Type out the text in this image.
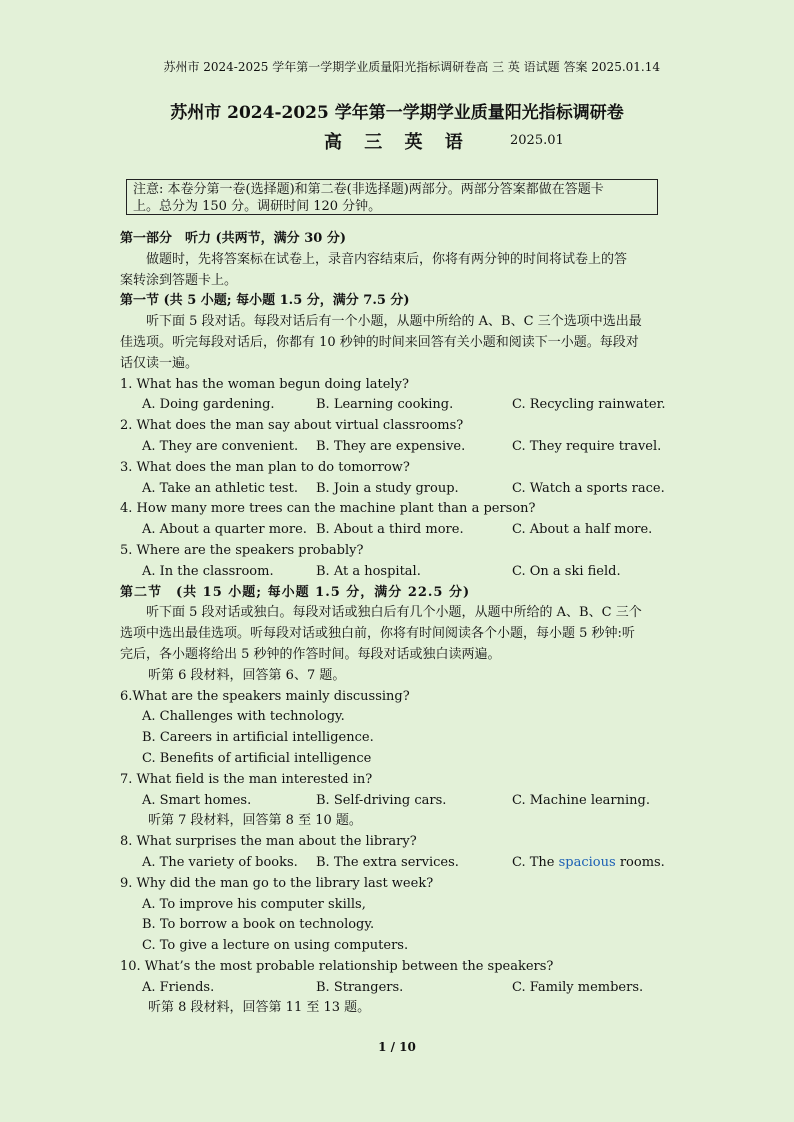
苏州市 2024-2025 学年第一学期学业质量阳光指标调研卷高 三 英 语试题 答案 2025.01.14
苏州市 2024-2025 学年第一学期学业质量阳光指标调研卷
高 三 英 语	2025.01
注意: 本卷分第一卷(选择题)和第二卷(非选择题)两部分。两部分答案都做在答题卡
上。总分为 150 分。调研时间 120 分钟。
第一部分　听力 (共两节，满分 30 分)
做题时，先将答案标在试卷上，录音内容结束后，你将有两分钟的时间将试卷上的答
案转涂到答题卡上。
第一节 (共 5 小题; 每小题 1.5 分，满分 7.5 分)
听下面 5 段对话。每段对话后有一个小题，从题中所给的 A、B、C 三个选项中选出最
佳选项。听完每段对话后，你都有 10 秒钟的时间来回答有关小题和阅读下一小题。每段对
话仅读一遍。
1. What has the woman begun doing lately?
A. Doing gardening.	B. Learning cooking.	C. Recycling rainwater.
2. What does the man say about virtual classrooms?
A. They are convenient. B. They are expensive.	C. They require travel.
3. What does the man plan to do tomorrow?
A. Take an athletic test. B. Join a study group.	C. Watch a sports race.
4. How many more trees can the machine plant than a person?
A. About a quarter more. B. About a third more.	C. About a half more.
5. Where are the speakers probably?
A. In the classroom.	B. At a hospital.	C. On a ski field.
第二节　(共 15 小题; 每小题 1.5 分，满分 22.5 分)
听下面 5 段对话或独白。每段对话或独白后有几个小题，从题中所给的 A、B、C 三个
选项中选出最佳选项。听每段对话或独白前，你将有时间阅读各个小题，每小题 5 秒钟:听
完后，各小题将给出 5 秒钟的作答时间。每段对话或独白读两遍。
听第 6 段材料，回答第 6、7 题。
6.What are the speakers mainly discussing?
A. Challenges with technology.
B. Careers in artificial intelligence.
C. Benefits of artificial intelligence
7. What field is the man interested in?
A. Smart homes.	B. Self-driving cars.	C. Machine learning.
听第 7 段材料，回答第 8 至 10 题。
8. What surprises the man about the library?
A. The variety of books. B. The extra services.	C. The spacious rooms.
9. Why did the man go to the library last week?
A. To improve his computer skills,
B. To borrow a book on technology.
C. To give a lecture on using computers.
10. What’s the most probable relationship between the speakers?
A. Friends.	B. Strangers.	C. Family members.
听第 8 段材料，回答第 11 至 13 题。
1 / 10
